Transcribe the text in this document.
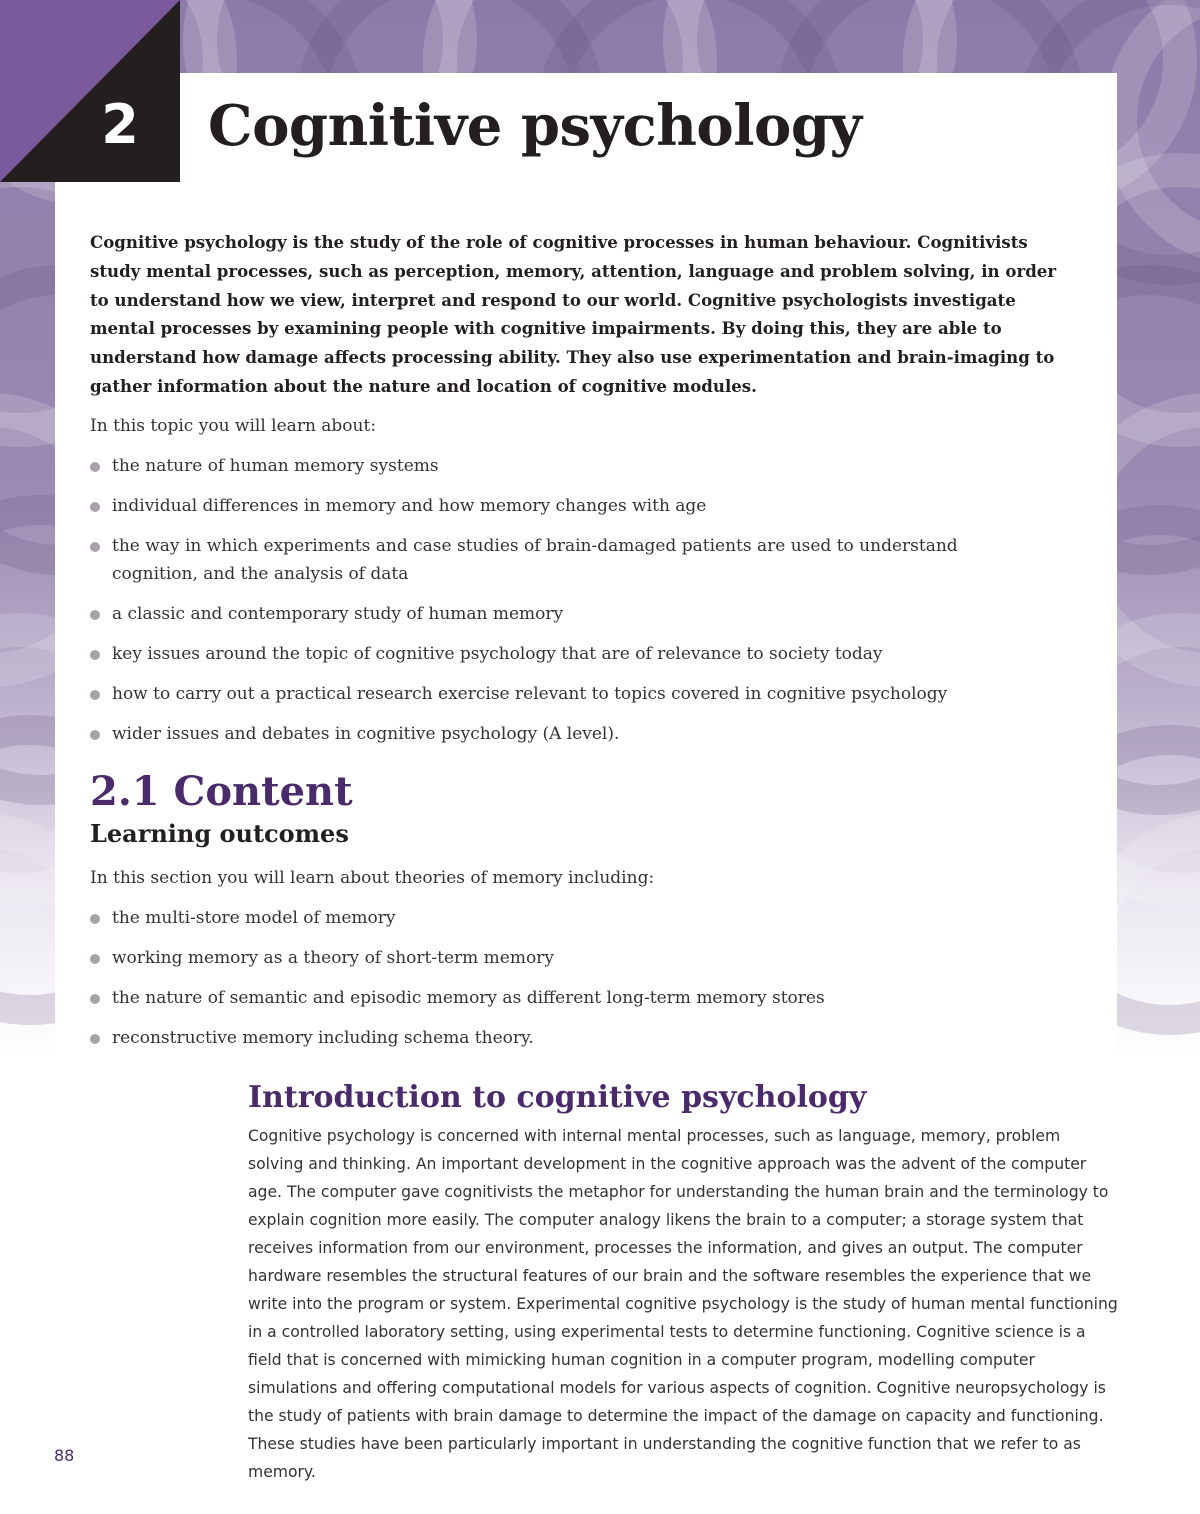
2 Cognitive psychology

Cognitive psychology is the study of the role of cognitive processes in human behaviour. Cognitivists study mental processes, such as perception, memory, attention, language and problem solving, in order to understand how we view, interpret and respond to our world. Cognitive psychologists investigate mental processes by examining people with cognitive impairments. By doing this, they are able to understand how damage affects processing ability. They also use experimentation and brain-imaging to gather information about the nature and location of cognitive modules.

In this topic you will learn about:

the nature of human memory systems
individual differences in memory and how memory changes with age
the way in which experiments and case studies of brain-damaged patients are used to understand cognition, and the analysis of data
a classic and contemporary study of human memory
key issues around the topic of cognitive psychology that are of relevance to society today
how to carry out a practical research exercise relevant to topics covered in cognitive psychology
wider issues and debates in cognitive psychology (A level).
2.1 Content
Learning outcomes

In this section you will learn about theories of memory including:

the multi-store model of memory
working memory as a theory of short-term memory
the nature of semantic and episodic memory as different long-term memory stores
reconstructive memory including schema theory.
Introduction to cognitive psychology

Cognitive psychology is concerned with internal mental processes, such as language, memory, problem solving and thinking. An important development in the cognitive approach was the advent of the computer age. The computer gave cognitivists the metaphor for understanding the human brain and the terminology to explain cognition more easily. The computer analogy likens the brain to a computer; a storage system that receives information from our environment, processes the information, and gives an output. The computer hardware resembles the structural features of our brain and the software resembles the experience that we write into the program or system. Experimental cognitive psychology is the study of human mental functioning in a controlled laboratory setting, using experimental tests to determine functioning. Cognitive science is a field that is concerned with mimicking human cognition in a computer program, modelling computer simulations and offering computational models for various aspects of cognition. Cognitive neuropsychology is the study of patients with brain damage to determine the impact of the damage on capacity and functioning. These studies have been particularly important in understanding the cognitive function that we refer to as memory.

88
